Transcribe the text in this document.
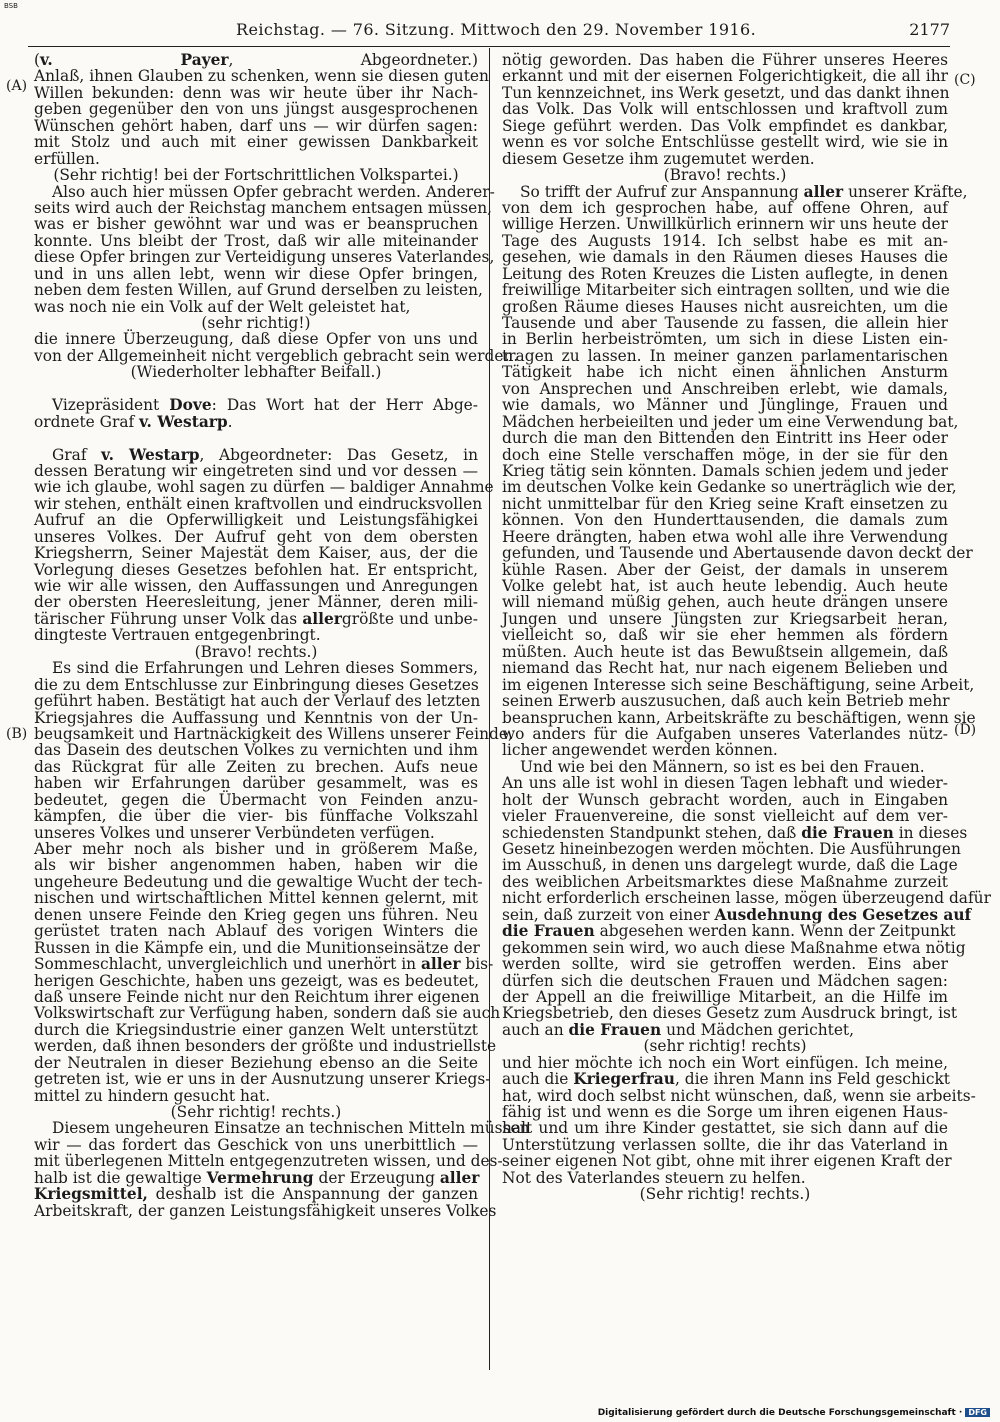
BSB
Reichstag. — 76. Sitzung. Mittwoch den 29. November 1916.	2177
(A)
(B)
(C)
(D)
(v. Payer, Abgeordneter.)
Anlaß, ihnen Glauben zu schenken, wenn sie diesen guten
Willen bekunden: denn was wir heute über ihr Nach-
geben gegenüber den von uns jüngst ausgesprochenen
Wünschen gehört haben, darf uns — wir dürfen sagen:
mit Stolz und auch mit einer gewissen Dankbarkeit
erfüllen.
(Sehr richtig! bei der Fortschrittlichen Volkspartei.)
Also auch hier müssen Opfer gebracht werden. Anderer-
seits wird auch der Reichstag manchem entsagen müssen,
was er bisher gewöhnt war und was er beanspruchen
konnte. Uns bleibt der Trost, daß wir alle miteinander
diese Opfer bringen zur Verteidigung unseres Vaterlandes,
und in uns allen lebt, wenn wir diese Opfer bringen,
neben dem festen Willen, auf Grund derselben zu leisten,
was noch nie ein Volk auf der Welt geleistet hat,
(sehr richtig!)
die innere Überzeugung, daß diese Opfer von uns und
von der Allgemeinheit nicht vergeblich gebracht sein werden.
(Wiederholter lebhafter Beifall.)
Vizepräsident Dove: Das Wort hat der Herr Abge-
ordnete Graf v. Westarp.
Graf v. Westarp, Abgeordneter: Das Gesetz, in
dessen Beratung wir eingetreten sind und vor dessen —
wie ich glaube, wohl sagen zu dürfen — baldiger Annahme
wir stehen, enthält einen kraftvollen und eindrucksvollen
Aufruf an die Opferwilligkeit und Leistungsfähigkei
unseres Volkes. Der Aufruf geht von dem obersten
Kriegsherrn, Seiner Majestät dem Kaiser, aus, der die
Vorlegung dieses Gesetzes befohlen hat. Er entspricht,
wie wir alle wissen, den Auffassungen und Anregungen
der obersten Heeresleitung, jener Männer, deren mili-
tärischer Führung unser Volk das allergrößte und unbe-
dingteste Vertrauen entgegenbringt.
(Bravo! rechts.)
Es sind die Erfahrungen und Lehren dieses Sommers,
die zu dem Entschlusse zur Einbringung dieses Gesetzes
geführt haben. Bestätigt hat auch der Verlauf des letzten
Kriegsjahres die Auffassung und Kenntnis von der Un-
beugsamkeit und Hartnäckigkeit des Willens unserer Feinde,
das Dasein des deutschen Volkes zu vernichten und ihm
das Rückgrat für alle Zeiten zu brechen. Aufs neue
haben wir Erfahrungen darüber gesammelt, was es
bedeutet, gegen die Übermacht von Feinden anzu-
kämpfen, die über die vier- bis fünffache Volkszahl
unseres Volkes und unserer Verbündeten verfügen.
Aber mehr noch als bisher und in größerem Maße,
als wir bisher angenommen haben, haben wir die
ungeheure Bedeutung und die gewaltige Wucht der tech-
nischen und wirtschaftlichen Mittel kennen gelernt, mit
denen unsere Feinde den Krieg gegen uns führen. Neu
gerüstet traten nach Ablauf des vorigen Winters die
Russen in die Kämpfe ein, und die Munitionseinsätze der
Sommeschlacht, unvergleichlich und unerhört in aller bis-
herigen Geschichte, haben uns gezeigt, was es bedeutet,
daß unsere Feinde nicht nur den Reichtum ihrer eigenen
Volkswirtschaft zur Verfügung haben, sondern daß sie auch
durch die Kriegsindustrie einer ganzen Welt unterstützt
werden, daß ihnen besonders der größte und industriellste
der Neutralen in dieser Beziehung ebenso an die Seite
getreten ist, wie er uns in der Ausnutzung unserer Kriegs-
mittel zu hindern gesucht hat.
(Sehr richtig! rechts.)
Diesem ungeheuren Einsatze an technischen Mitteln müssen
wir — das fordert das Geschick von uns unerbittlich —
mit überlegenen Mitteln entgegenzutreten wissen, und des-
halb ist die gewaltige Vermehrung der Erzeugung aller
Kriegsmittel, deshalb ist die Anspannung der ganzen
Arbeitskraft, der ganzen Leistungsfähigkeit unseres Volkes
nötig geworden. Das haben die Führer unseres Heeres
erkannt und mit der eisernen Folgerichtigkeit, die all ihr
Tun kennzeichnet, ins Werk gesetzt, und das dankt ihnen
das Volk. Das Volk will entschlossen und kraftvoll zum
Siege geführt werden. Das Volk empfindet es dankbar,
wenn es vor solche Entschlüsse gestellt wird, wie sie in
diesem Gesetze ihm zugemutet werden.
(Bravo! rechts.)
So trifft der Aufruf zur Anspannung aller unserer Kräfte,
von dem ich gesprochen habe, auf offene Ohren, auf
willige Herzen. Unwillkürlich erinnern wir uns heute der
Tage des Augusts 1914. Ich selbst habe es mit an-
gesehen, wie damals in den Räumen dieses Hauses die
Leitung des Roten Kreuzes die Listen auflegte, in denen
freiwillige Mitarbeiter sich eintragen sollten, und wie die
großen Räume dieses Hauses nicht ausreichten, um die
Tausende und aber Tausende zu fassen, die allein hier
in Berlin herbeiströmten, um sich in diese Listen ein-
tragen zu lassen. In meiner ganzen parlamentarischen
Tätigkeit habe ich nicht einen ähnlichen Ansturm
von Ansprechen und Anschreiben erlebt, wie damals,
wie damals, wo Männer und Jünglinge, Frauen und
Mädchen herbeieilten und jeder um eine Verwendung bat,
durch die man den Bittenden den Eintritt ins Heer oder
doch eine Stelle verschaffen möge, in der sie für den
Krieg tätig sein könnten. Damals schien jedem und jeder
im deutschen Volke kein Gedanke so unerträglich wie der,
nicht unmittelbar für den Krieg seine Kraft einsetzen zu
können. Von den Hunderttausenden, die damals zum
Heere drängten, haben etwa wohl alle ihre Verwendung
gefunden, und Tausende und Abertausende davon deckt der
kühle Rasen. Aber der Geist, der damals in unserem
Volke gelebt hat, ist auch heute lebendig. Auch heute
will niemand müßig gehen, auch heute drängen unsere
Jungen und unsere Jüngsten zur Kriegsarbeit heran,
vielleicht so, daß wir sie eher hemmen als fördern
müßten. Auch heute ist das Bewußtsein allgemein, daß
niemand das Recht hat, nur nach eigenem Belieben und
im eigenen Interesse sich seine Beschäftigung, seine Arbeit,
seinen Erwerb auszusuchen, daß auch kein Betrieb mehr
beanspruchen kann, Arbeitskräfte zu beschäftigen, wenn sie
wo anders für die Aufgaben unseres Vaterlandes nütz-
licher angewendet werden können.
Und wie bei den Männern, so ist es bei den Frauen.
An uns alle ist wohl in diesen Tagen lebhaft und wieder-
holt der Wunsch gebracht worden, auch in Eingaben
vieler Frauenvereine, die sonst vielleicht auf dem ver-
schiedensten Standpunkt stehen, daß die Frauen in dieses
Gesetz hineinbezogen werden möchten. Die Ausführungen
im Ausschuß, in denen uns dargelegt wurde, daß die Lage
des weiblichen Arbeitsmarktes diese Maßnahme zurzeit
nicht erforderlich erscheinen lasse, mögen überzeugend dafür
sein, daß zurzeit von einer Ausdehnung des Gesetzes auf
die Frauen abgesehen werden kann. Wenn der Zeitpunkt
gekommen sein wird, wo auch diese Maßnahme etwa nötig
werden sollte, wird sie getroffen werden. Eins aber
dürfen sich die deutschen Frauen und Mädchen sagen:
der Appell an die freiwillige Mitarbeit, an die Hilfe im
Kriegsbetrieb, den dieses Gesetz zum Ausdruck bringt, ist
auch an die Frauen und Mädchen gerichtet,
(sehr richtig! rechts)
und hier möchte ich noch ein Wort einfügen. Ich meine,
auch die Kriegerfrau, die ihren Mann ins Feld geschickt
hat, wird doch selbst nicht wünschen, daß, wenn sie arbeits-
fähig ist und wenn es die Sorge um ihren eigenen Haus-
halt und um ihre Kinder gestattet, sie sich dann auf die
Unterstützung verlassen sollte, die ihr das Vaterland in
seiner eigenen Not gibt, ohne mit ihrer eigenen Kraft der
Not des Vaterlandes steuern zu helfen.
(Sehr richtig! rechts.)
Digitalisierung gefördert durch die Deutsche Forschungsgemeinschaft · DFG
